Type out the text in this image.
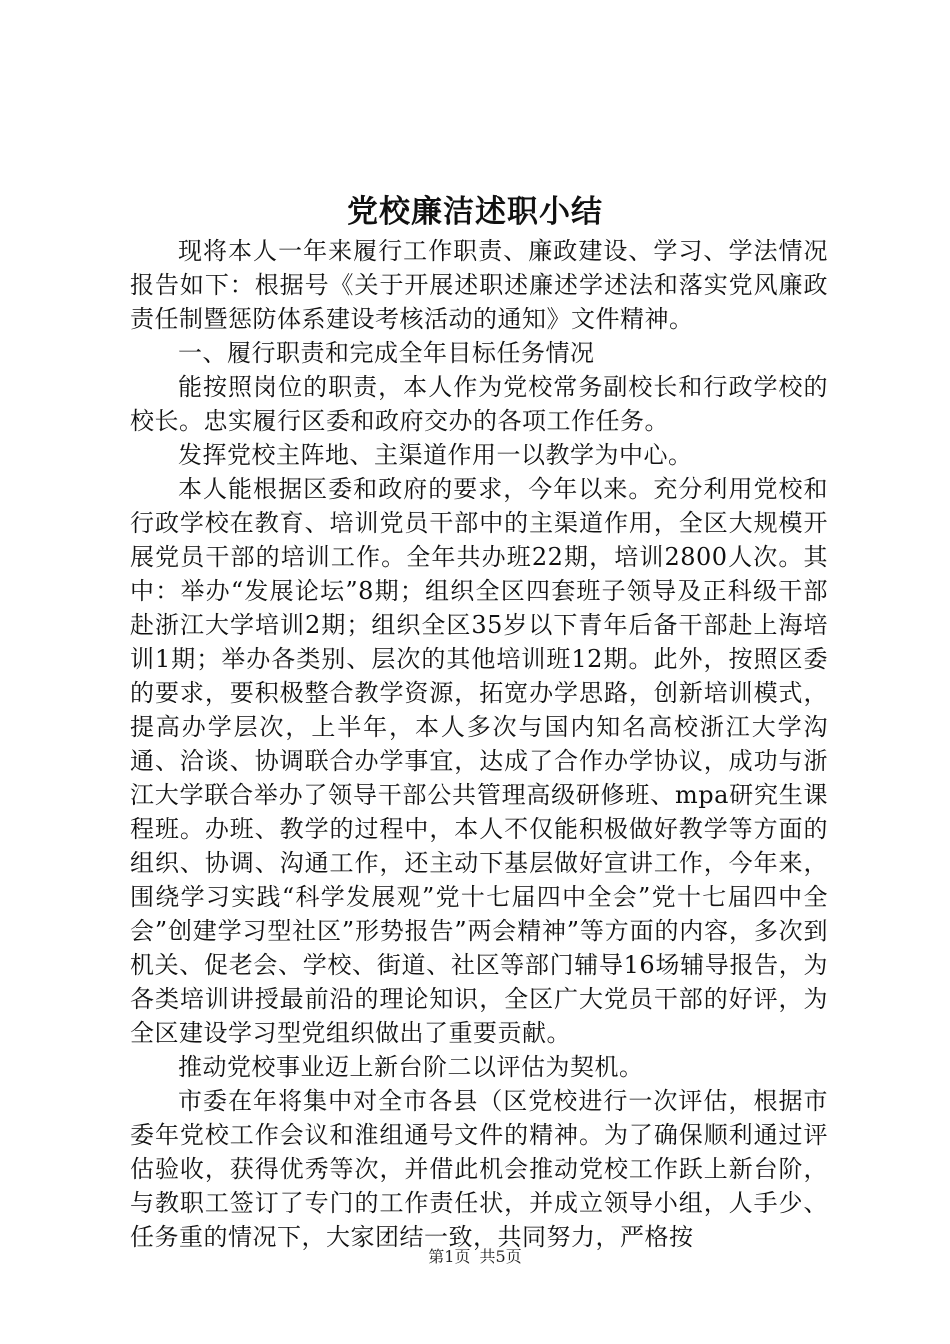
党校廉洁述职小结

现将本人一年来履行工作职责、廉政建设、学习、学法情况报告如下：根据号《关于开展述职述廉述学述法和落实党风廉政责任制暨惩防体系建设考核活动的通知》文件精神。

一、履行职责和完成全年目标任务情况

能按照岗位的职责，本人作为党校常务副校长和行政学校的校长。忠实履行区委和政府交办的各项工作任务。

发挥党校主阵地、主渠道作用一以教学为中心。

本人能根据区委和政府的要求，今年以来。充分利用党校和行政学校在教育、培训党员干部中的主渠道作用，全区大规模开展党员干部的培训工作。全年共办班22期，培训2800人次。其中：举办“发展论坛”8期；组织全区四套班子领导及正科级干部赴浙江大学培训2期；组织全区35岁以下青年后备干部赴上海培训1期；举办各类别、层次的其他培训班12期。此外，按照区委的要求，要积极整合教学资源，拓宽办学思路，创新培训模式，提高办学层次，上半年，本人多次与国内知名高校浙江大学沟通、洽谈、协调联合办学事宜，达成了合作办学协议，成功与浙江大学联合举办了领导干部公共管理高级研修班、mpa研究生课程班。办班、教学的过程中，本人不仅能积极做好教学等方面的组织、协调、沟通工作，还主动下基层做好宣讲工作，今年来，围绕学习实践“科学发展观”党十七届四中全会”党十七届四中全会”创建学习型社区”形势报告”两会精神”等方面的内容，多次到机关、促老会、学校、街道、社区等部门辅导16场辅导报告，为各类培训讲授最前沿的理论知识，全区广大党员干部的好评，为全区建设学习型党组织做出了重要贡献。

推动党校事业迈上新台阶二以评估为契机。

市委在年将集中对全市各县（区党校进行一次评估，根据市委年党校工作会议和淮组通号文件的精神。为了确保顺利通过评估验收，获得优秀等次，并借此机会推动党校工作跃上新台阶，与教职工签订了专门的工作责任状，并成立领导小组，人手少、任务重的情况下，大家团结一致，共同努力，严格按

第1页 共5页
